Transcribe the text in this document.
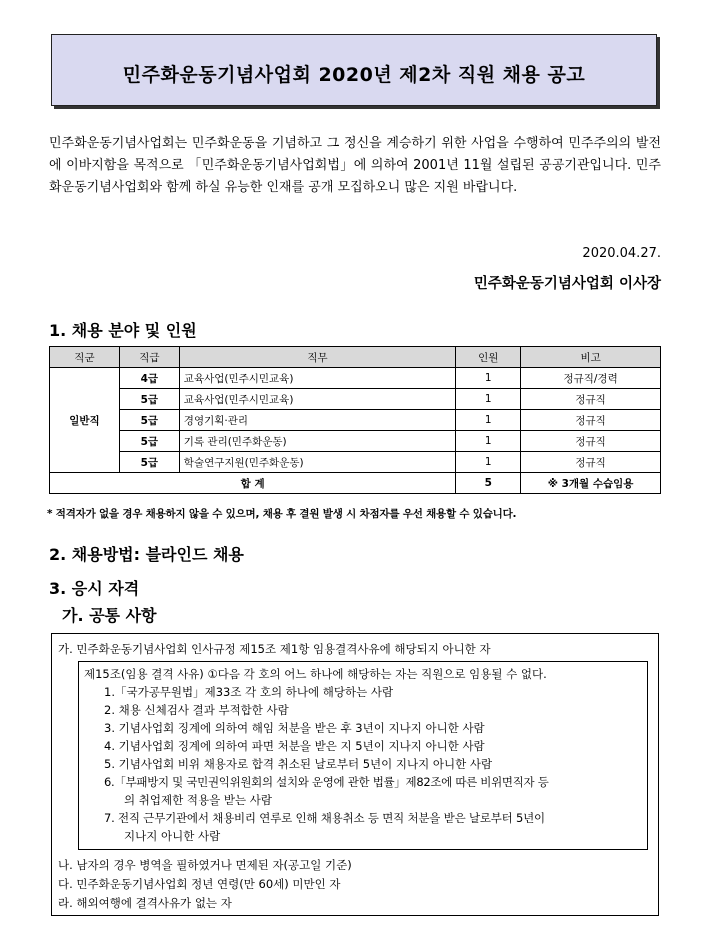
민주화운동기념사업회 2020년 제2차 직원 채용 공고
민주화운동기념사업회는 민주화운동을 기념하고 그 정신을 계승하기 위한 사업을 수행하여 민주주의의 발전에 이바지함을 목적으로 「민주화운동기념사업회법」에 의하여 2001년 11월 설립된 공공기관입니다. 민주화운동기념사업회와 함께 하실 유능한 인재를 공개 모집하오니 많은 지원 바랍니다.
2020.04.27.
민주화운동기념사업회 이사장
1. 채용 분야 및 인원
직군	직급	직무	인원	비고
일반직	4급	교육사업(민주시민교육)	1	정규직/경력
	5급	교육사업(민주시민교육)	1	정규직
	5급	경영기획·관리	1	정규직
	5급	기록 관리(민주화운동)	1	정규직
	5급	학술연구지원(민주화운동)	1	정규직
합 계			5	※ 3개월 수습임용
* 적격자가 없을 경우 채용하지 않을 수 있으며, 채용 후 결원 발생 시 차점자를 우선 채용할 수 있습니다.
2. 채용방법: 블라인드 채용
3. 응시 자격
가. 공통 사항
가. 민주화운동기념사업회 인사규정 제15조 제1항 임용결격사유에 해당되지 아니한 자
제15조(임용 결격 사유) ①다음 각 호의 어느 하나에 해당하는 자는 직원으로 임용될 수 없다.
1.「국가공무원법」제33조 각 호의 하나에 해당하는 사람
2. 채용 신체검사 결과 부적합한 사람
3. 기념사업회 징계에 의하여 해임 처분을 받은 후 3년이 지나지 아니한 사람
4. 기념사업회 징계에 의하여 파면 처분을 받은 지 5년이 지나지 아니한 사람
5. 기념사업회 비위 채용자로 합격 취소된 날로부터 5년이 지나지 아니한 사람
6.「부패방지 및 국민권익위원회의 설치와 운영에 관한 법률」제82조에 따른 비위면직자 등
의 취업제한 적용을 받는 사람
7. 전직 근무기관에서 채용비리 연루로 인해 채용취소 등 면직 처분을 받은 날로부터 5년이
지나지 아니한 사람
나. 남자의 경우 병역을 필하였거나 면제된 자(공고일 기준)
다. 민주화운동기념사업회 정년 연령(만 60세) 미만인 자
라. 해외여행에 결격사유가 없는 자
